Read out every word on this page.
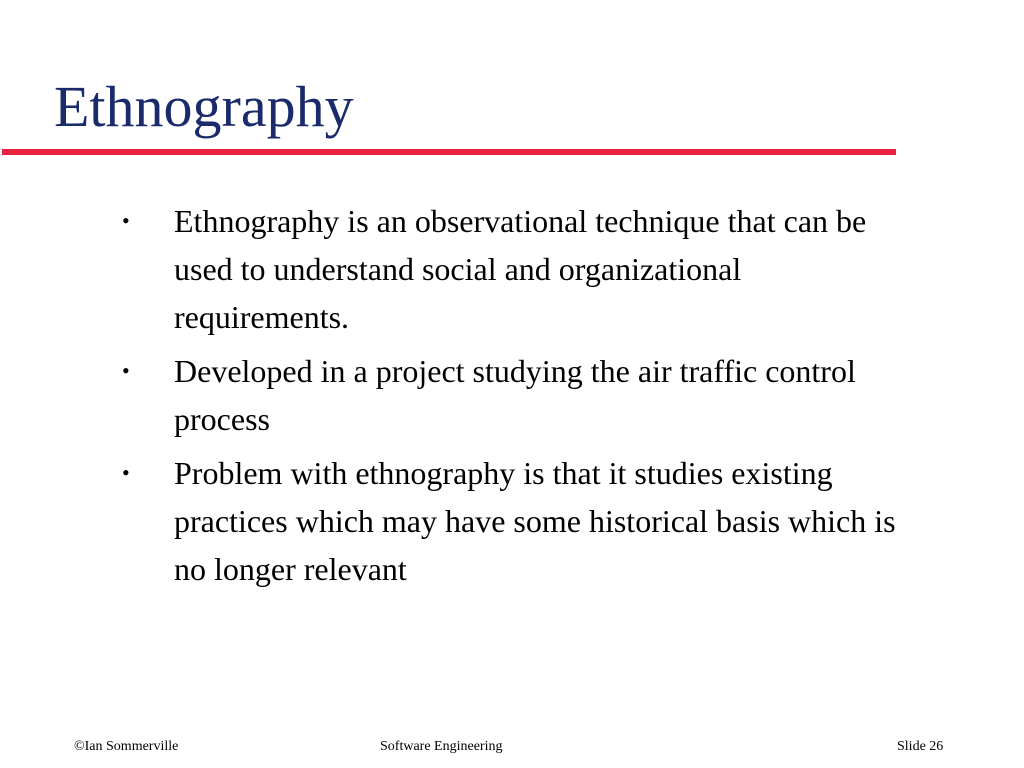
Ethnography
• Ethnography is an observational technique that can be used to understand social and organizational requirements.
• Developed in a project studying the air traffic control process
• Problem with ethnography is that it studies existing practices which may have some historical basis which is no longer relevant
©Ian Sommerville	Software Engineering	Slide 26
